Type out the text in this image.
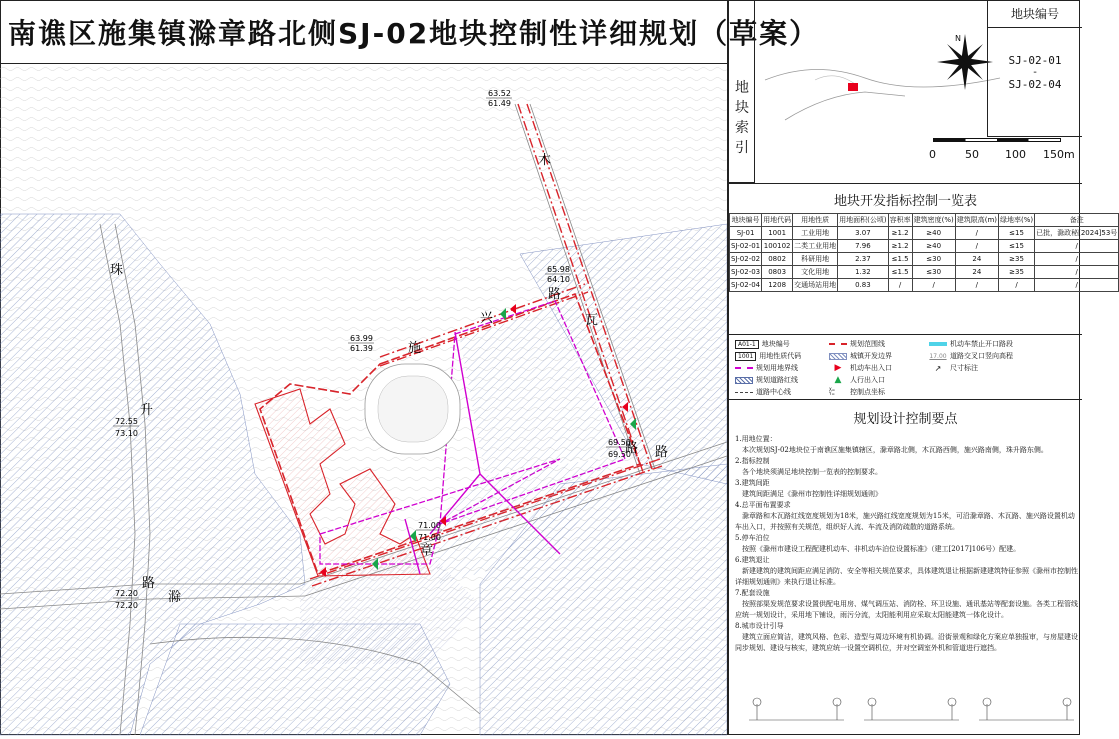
南谯区施集镇滁章路北侧SJ-02地块控制性详细规划（草案）
木
瓦
路
施
兴
路
珠
升
路
滁
章
路
63.52
61.49
65.98
64.10
63.99
61.39
69.50
69.50
71.00
71.00
72.55
73.10
72.20
72.20
地
块
索
引
N
地块编号
SJ-02-01
-
SJ-02-04
0	50 100 150m
地块开发指标控制一览表
地块编号	用地代码	用地性质	用地面积(公顷)	容积率	建筑密度(%)	建筑限高(m)	绿地率(%)	备注
SJ-01	1001	工业用地	3.07	≥1.2	≥40	/	≤15	已批，滁政秘[2024]53号
SJ-02-01	100102	二类工业用地	7.96	≥1.2	≥40	/	≤15	/
SJ-02-02	0802	科研用地	2.37	≤1.5	≤30	24	≥35	/
SJ-02-03	0803	文化用地	1.32	≤1.5	≤30	24	≥35	/
SJ-02-04	1208	交通场站用地	0.83	/	/	/	/	/
A01-1 地块编号
1001 用地性质代码
规划用地界线
规划道路红线
道路中心线
规划范围线
城镇开发边界
▶	机动车出入口
▲	人行出入口
X=
Y=	控制点坐标
机动车禁止开口路段
17.00 道路交叉口竖向高程
↗	尺寸标注
规划设计控制要点

1.用地位置：

　本次规划SJ-02地块位于南谯区施集镇辖区，滁章路北侧，木瓦路西侧，施兴路南侧，珠升路东侧。

2.指标控制

　各个地块须满足地块控制一览表的控制要求。

3.建筑间距

　建筑间距满足《滁州市控制性详细规划通则》

4.总平面布置要求

　滁章路和木瓦路红线宽度规划为18米，施兴路红线宽度规划为15米，可沿滁章路、木瓦路、施兴路设置机动车出入口，并按照有关规范，组织好人流、车流及消防疏散的道路系统。

5.停车泊位

　按照《滁州市建设工程配建机动车、非机动车泊位设置标准》（建工[2017]106号）配建。

6.建筑退让

　新建建筑的建筑间距应满足消防、安全等相关规范要求，具体建筑退让根据新建建筑特征参照《滁州市控制性详细规划通则》来执行退让标准。

7.配套设施

　按照部渠发规范要求设置供配电用房、煤气调压站、消防栓、环卫设施、通讯基站等配套设施。各类工程管线应统一规划设计，采用地下铺设，雨污分流，太阳能利用应采取太阳能建筑一体化设计。

8.城市设计引导

　建筑立面应简洁，建筑风格、色彩、造型与周边环境有机协调。沿街景观和绿化方案应单独报审，与房屋建设同步规划、建设与核实，建筑应统一设置空调机位，并对空调室外机和管道进行遮挡。
